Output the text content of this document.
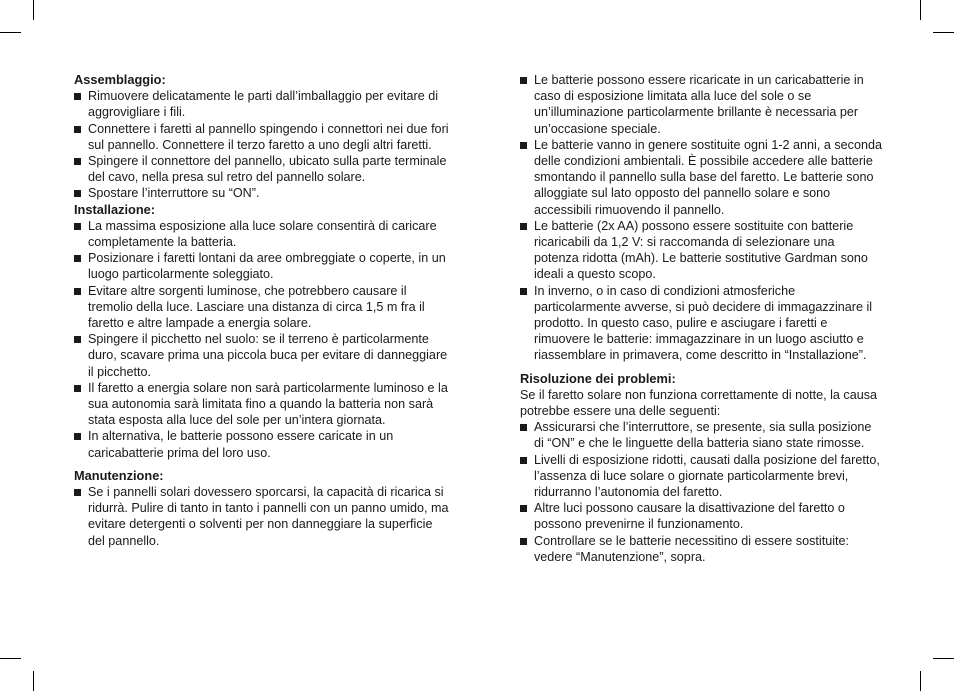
Assemblaggio:
Rimuovere delicatamente le parti dall’imballaggio per evitare di aggrovigliare i fili.
Connettere i faretti al pannello spingendo i connettori nei due fori sul pannello. Connettere il terzo faretto a uno degli altri faretti.
Spingere il connettore del pannello, ubicato sulla parte terminale del cavo, nella presa sul retro del pannello solare.
Spostare l’interruttore su “ON”.
Installazione:
La massima esposizione alla luce solare consentirà di caricare completamente la batteria.
Posizionare i faretti lontani da aree ombreggiate o coperte, in un luogo particolarmente soleggiato.
Evitare altre sorgenti luminose, che potrebbero causare il tremolio della luce. Lasciare una distanza di circa 1,5 m fra il faretto e altre lampade a energia solare.
Spingere il picchetto nel suolo: se il terreno è particolarmente duro, scavare prima una piccola buca per evitare di danneggiare il picchetto.
Il faretto a energia solare non sarà particolarmente luminoso e la sua autonomia sarà limitata fino a quando la batteria non sarà stata esposta alla luce del sole per un’intera giornata.
In alternativa, le batterie possono essere caricate in un caricabatterie prima del loro uso.
Manutenzione:
Se i pannelli solari dovessero sporcarsi, la capacità di ricarica si ridurrà. Pulire di tanto in tanto i pannelli con un panno umido, ma evitare detergenti o solventi per non danneggiare la superficie del pannello.
Le batterie possono essere ricaricate in un caricabatterie in caso di esposizione limitata alla luce del sole o se un’illuminazione particolarmente brillante è necessaria per un’occasione speciale.
Le batterie vanno in genere sostituite ogni 1-2 anni, a seconda delle condizioni ambientali. È possibile accedere alle batterie smontando il pannello sulla base del faretto. Le batterie sono alloggiate sul lato opposto del pannello solare e sono accessibili rimuovendo il pannello.
Le batterie (2x AA) possono essere sostituite con batterie ricaricabili da 1,2 V: si raccomanda di selezionare una potenza ridotta (mAh). Le batterie sostitutive Gardman sono ideali a questo scopo.
In inverno, o in caso di condizioni atmosferiche particolarmente avverse, si può decidere di immagazzinare il prodotto. In questo caso, pulire e asciugare i faretti e rimuovere le batterie: immagazzinare in un luogo asciutto e riassemblare in primavera, come descritto in “Installazione”.
Risoluzione dei problemi:

Se il faretto solare non funziona correttamente di notte, la causa potrebbe essere una delle seguenti:

Assicurarsi che l’interruttore, se presente, sia sulla posizione di “ON” e che le linguette della batteria siano state rimosse.
Livelli di esposizione ridotti, causati dalla posizione del faretto, l’assenza di luce solare o giornate particolarmente brevi, ridurranno l’autonomia del faretto.
Altre luci possono causare la disattivazione del faretto o possono prevenirne il funzionamento.
Controllare se le batterie necessitino di essere sostituite: vedere “Manutenzione”, sopra.
